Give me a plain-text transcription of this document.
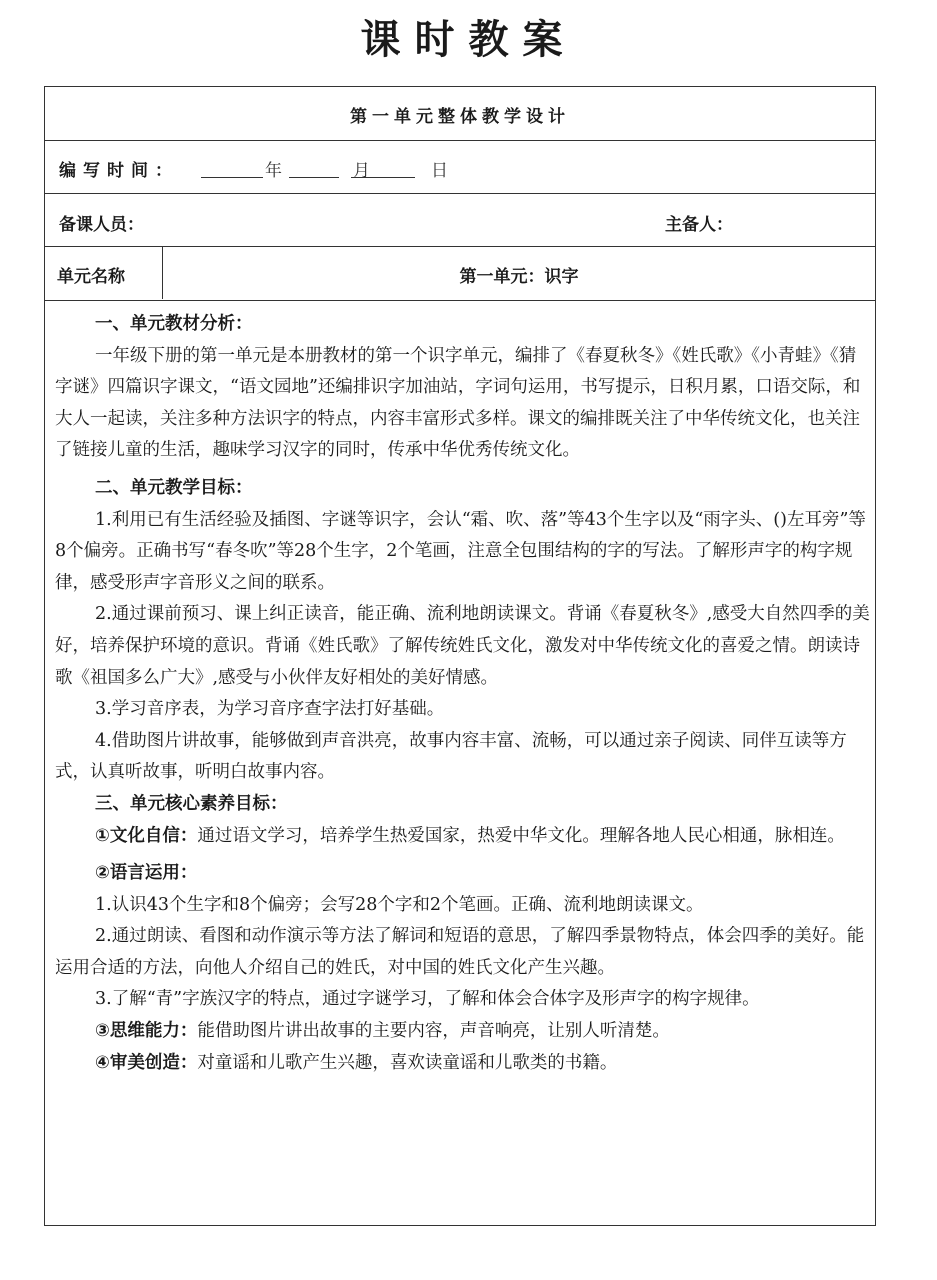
课时教案
第一单元整体教学设计
编写时间：	年	月	日
备课人员：	主备人：
单元名称	第一单元：识字

一、单元教材分析：

一年级下册的第一单元是本册教材的第一个识字单元，编排了《春夏秋冬》《姓氏歌》《小青蛙》《猜字谜》四篇识字课文，“语文园地”还编排识字加油站，字词句运用，书写提示，日积月累，口语交际，和大人一起读，关注多种方法识字的特点，内容丰富形式多样。课文的编排既关注了中华传统文化，也关注了链接儿童的生活，趣味学习汉字的同时，传承中华优秀传统文化。

二、单元教学目标：

1.利用已有生活经验及插图、字谜等识字，会认“霜、吹、落”等43个生字以及“雨字头、()左耳旁”等8个偏旁。正确书写“春冬吹”等28个生字，2个笔画，注意全包围结构的字的写法。了解形声字的构字规律，感受形声字音形义之间的联系。

2.通过课前预习、课上纠正读音，能正确、流利地朗读课文。背诵《春夏秋冬》,感受大自然四季的美好，培养保护环境的意识。背诵《姓氏歌》了解传统姓氏文化，激发对中华传统文化的喜爱之情。朗读诗歌《祖国多么广大》,感受与小伙伴友好相处的美好情感。

3.学习音序表，为学习音序查字法打好基础。

4.借助图片讲故事，能够做到声音洪亮，故事内容丰富、流畅，可以通过亲子阅读、同伴互读等方式，认真听故事，听明白故事内容。

三、单元核心素养目标：

①文化自信：通过语文学习，培养学生热爱国家，热爱中华文化。理解各地人民心相通，脉相连。

②语言运用：

1.认识43个生字和8个偏旁；会写28个字和2个笔画。正确、流利地朗读课文。

2.通过朗读、看图和动作演示等方法了解词和短语的意思，了解四季景物特点，体会四季的美好。能运用合适的方法，向他人介绍自己的姓氏，对中国的姓氏文化产生兴趣。

3.了解“青”字族汉字的特点，通过字谜学习，了解和体会合体字及形声字的构字规律。

③思维能力：能借助图片讲出故事的主要内容，声音响亮，让别人听清楚。

④审美创造：对童谣和儿歌产生兴趣，喜欢读童谣和儿歌类的书籍。
